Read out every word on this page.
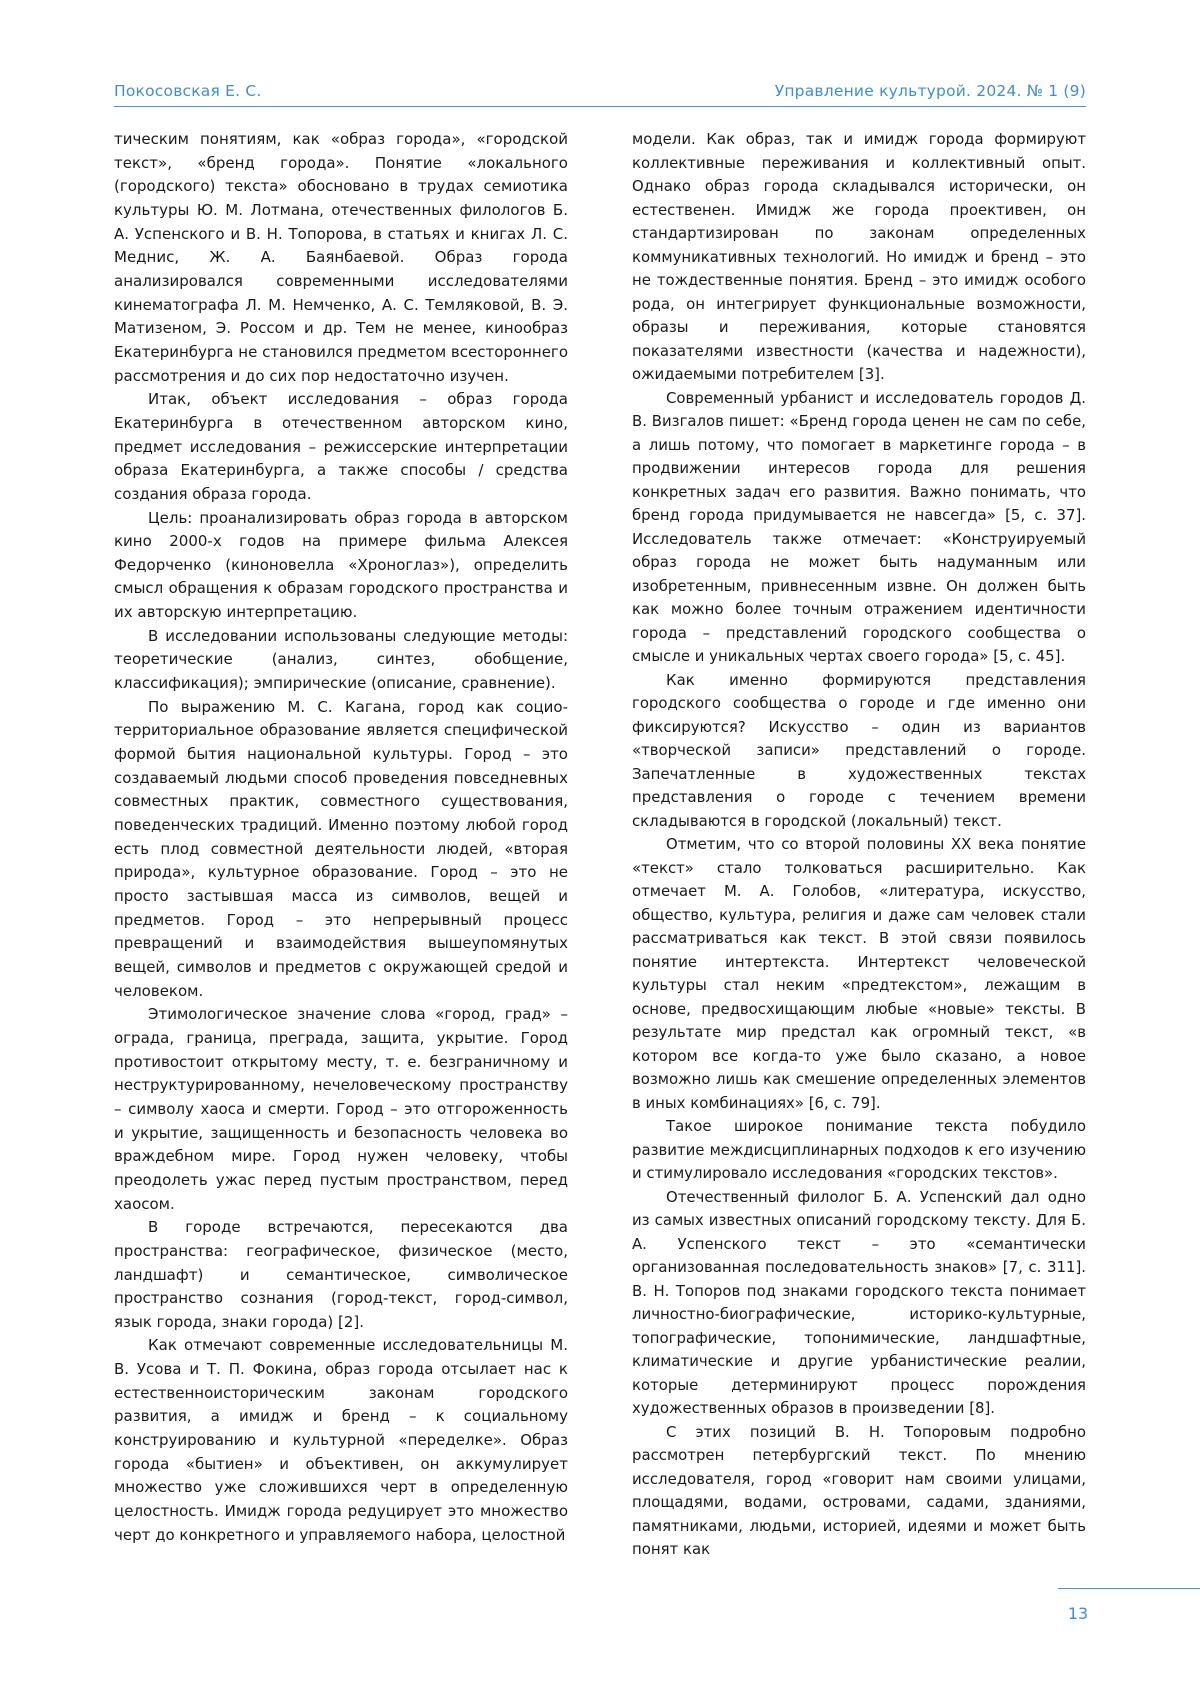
Покосовская Е. С.	Управление культурой. 2024. № 1 (9)

тическим понятиям, как «образ города», «городской текст», «бренд города». Понятие «локального (городского) текста» обосновано в трудах семиотика культуры Ю. М. Лотмана, отечественных филологов Б. А. Успенского и В. Н. Топорова, в статьях и книгах Л. С. Меднис, Ж. А. Баянбаевой. Образ города анализировался современными исследователями кинематографа Л. М. Немченко, А. С. Темляковой, В. Э. Матизеном, Э. Россом и др. Тем не менее, кинообраз Екатеринбурга не становился предметом всестороннего рассмотрения и до сих пор недостаточно изучен.

Итак, объект исследования – образ города Екатеринбурга в отечественном авторском кино, предмет исследования – режиссерские интерпретации образа Екатеринбурга, а также способы / средства создания образа города.

Цель: проанализировать образ города в авторском кино 2000-х годов на примере фильма Алексея Федорченко (киноновелла «Хроноглаз»), определить смысл обращения к образам городского пространства и их авторскую интерпретацию.

В исследовании использованы следующие методы: теоретические (анализ, синтез, обобщение, классификация); эмпирические (описание, сравнение).

По выражению М. С. Кагана, город как социо-территориальное образование является специфической формой бытия национальной культуры. Город – это создаваемый людьми способ проведения повседневных совместных практик, совместного существования, поведенческих традиций. Именно поэтому любой город есть плод совместной деятельности людей, «вторая природа», культурное образование. Город – это не просто застывшая масса из символов, вещей и предметов. Город – это непрерывный процесс превращений и взаимодействия вышеупомянутых вещей, символов и предметов с окружающей средой и человеком.

Этимологическое значение слова «город, град» – ограда, граница, преграда, защита, укрытие. Город противостоит открытому месту, т. е. безграничному и неструктурированному, нечеловеческому пространству – символу хаоса и смерти. Город – это отгороженность и укрытие, защищенность и безопасность человека во враждебном мире. Город нужен человеку, чтобы преодолеть ужас перед пустым пространством, перед хаосом.

В городе встречаются, пересекаются два пространства: географическое, физическое (место, ландшафт) и семантическое, символическое пространство сознания (город-текст, город-символ, язык города, знаки города) [2].

Как отмечают современные исследовательницы М. В. Усова и Т. П. Фокина, образ города отсылает нас к естественноисторическим законам городского развития, а имидж и бренд – к социальному конструированию и культурной «переделке». Образ города «бытиен» и объективен, он аккумулирует множество уже сложившихся черт в определенную целостность. Имидж города редуцирует это множество черт до конкретного и управляемого набора, целостной

модели. Как образ, так и имидж города формируют коллективные переживания и коллективный опыт. Однако образ города складывался исторически, он естественен. Имидж же города проективен, он стандартизирован по законам определенных коммуникативных технологий. Но имидж и бренд – это не тождественные понятия. Бренд – это имидж особого рода, он интегрирует функциональные возможности, образы и переживания, которые становятся показателями известности (качества и надежности), ожидаемыми потребителем [3].

Современный урбанист и исследователь городов Д. В. Визгалов пишет: «Бренд города ценен не сам по себе, а лишь потому, что помогает в маркетинге города – в продвижении интересов города для решения конкретных задач его развития. Важно понимать, что бренд города придумывается не навсегда» [5, с. 37]. Исследователь также отмечает: «Конструируемый образ города не может быть надуманным или изобретенным, привнесенным извне. Он должен быть как можно более точным отражением идентичности города – представлений городского сообщества о смысле и уникальных чертах своего города» [5, с. 45].

Как именно формируются представления городского сообщества о городе и где именно они фиксируются? Искусство – один из вариантов «творческой записи» представлений о городе. Запечатленные в художественных текстах представления о городе с течением времени складываются в городской (локальный) текст.

Отметим, что со второй половины XX века понятие «текст» стало толковаться расширительно. Как отмечает М. А. Голобов, «литература, искусство, общество, культура, религия и даже сам человек стали рассматриваться как текст. В этой связи появилось понятие интертекста. Интертекст человеческой культуры стал неким «предтекстом», лежащим в основе, предвосхищающим любые «новые» тексты. В результате мир предстал как огромный текст, «в котором все когда-то уже было сказано, а новое возможно лишь как смешение определенных элементов в иных комбинациях» [6, с. 79].

Такое широкое понимание текста побудило развитие междисциплинарных подходов к его изучению и стимулировало исследования «городских текстов».

Отечественный филолог Б. А. Успенский дал одно из самых известных описаний городскому тексту. Для Б. А. Успенского текст – это «семантически организованная последовательность знаков» [7, с. 311]. В. Н. Топоров под знаками городского текста понимает личностно-биографические, историко-культурные, топографические, топонимические, ландшафтные, климатические и другие урбанистические реалии, которые детерминируют процесс порождения художественных образов в произведении [8].

С этих позиций В. Н. Топоровым подробно рассмотрен петербургский текст. По мнению исследователя, город «говорит нам своими улицами, площадями, водами, островами, садами, зданиями, памятниками, людьми, историей, идеями и может быть понят как

13
